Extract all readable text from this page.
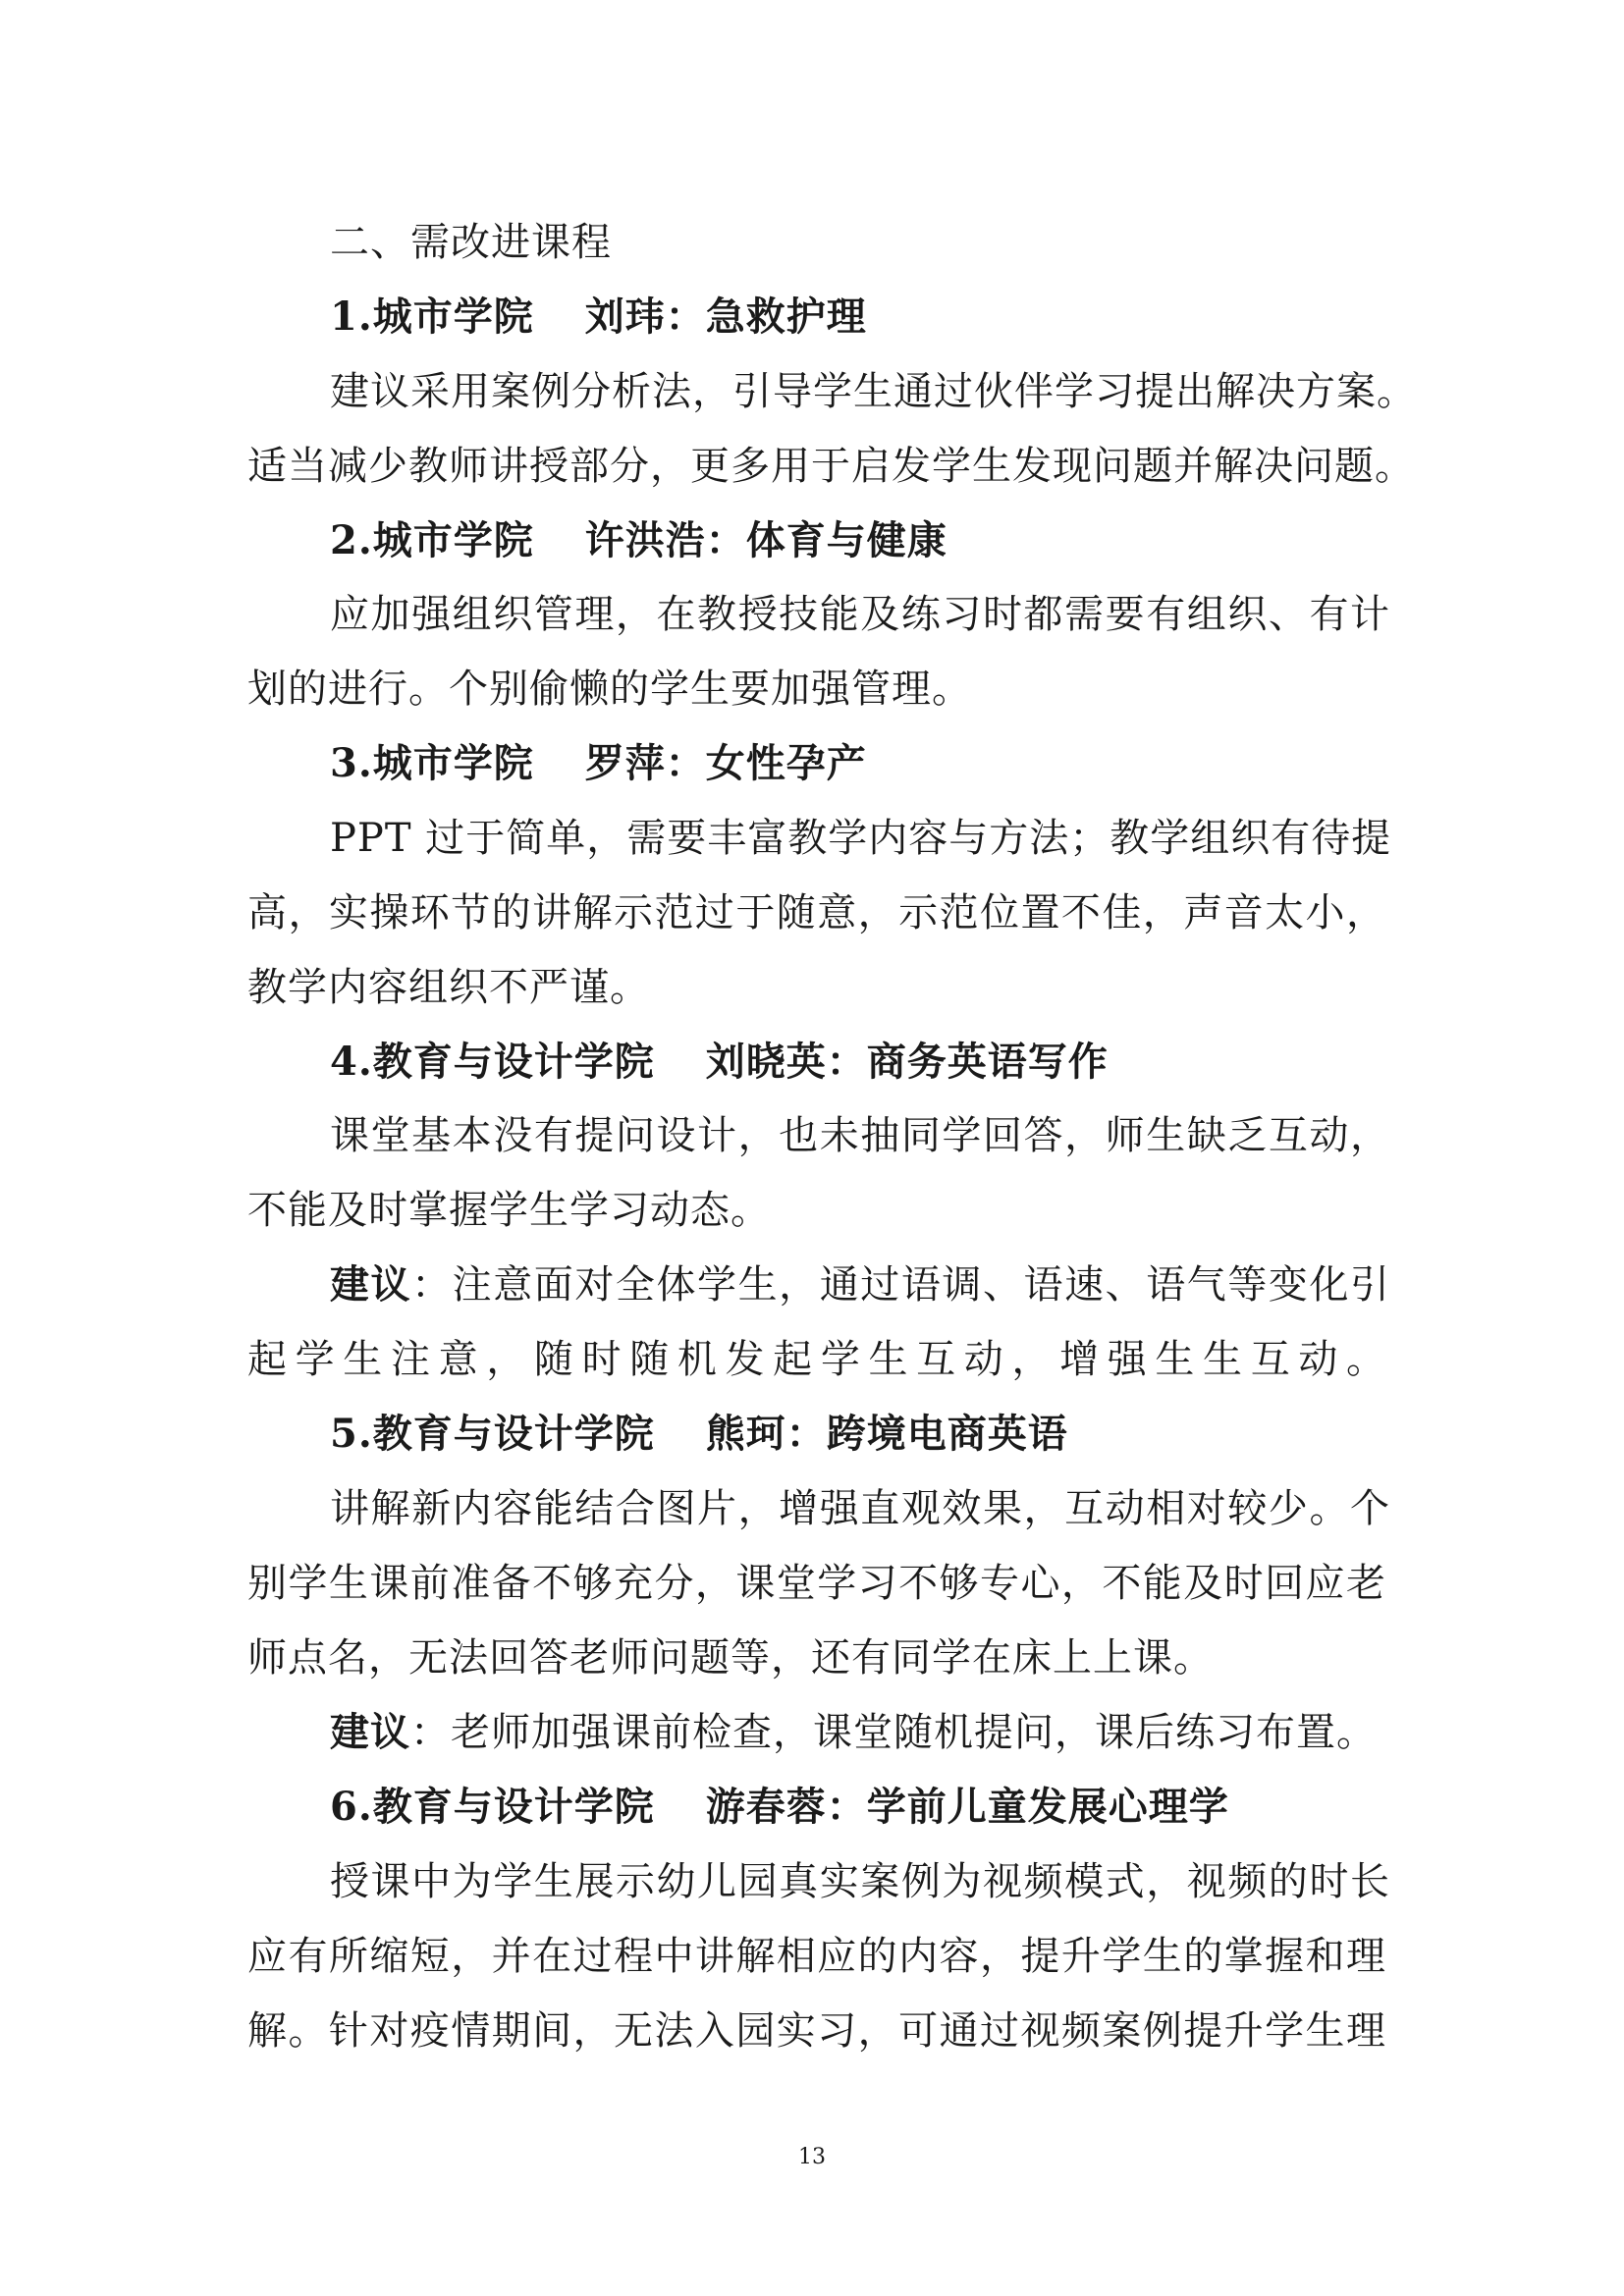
二、需改进课程
1.城市学院 刘玮：急救护理
建议采用案例分析法，引导学生通过伙伴学习提出解决方案。
适当减少教师讲授部分，更多用于启发学生发现问题并解决问题。
2.城市学院 许洪浩：体育与健康
应加强组织管理，在教授技能及练习时都需要有组织、有计
划的进行。个别偷懒的学生要加强管理。
3.城市学院 罗萍：女性孕产
PPT 过于简单，需要丰富教学内容与方法；教学组织有待提
高，实操环节的讲解示范过于随意，示范位置不佳，声音太小，
教学内容组织不严谨。
4.教育与设计学院 刘晓英：商务英语写作
课堂基本没有提问设计，也未抽同学回答，师生缺乏互动，
不能及时掌握学生学习动态。
建议：注意面对全体学生，通过语调、语速、语气等变化引
起学生注意，随时随机发起学生互动，增强生生互动。
5.教育与设计学院 熊珂：跨境电商英语
讲解新内容能结合图片，增强直观效果，互动相对较少。个
别学生课前准备不够充分，课堂学习不够专心，不能及时回应老
师点名，无法回答老师问题等，还有同学在床上上课。
建议：老师加强课前检查，课堂随机提问，课后练习布置。
6.教育与设计学院 游春蓉：学前儿童发展心理学
授课中为学生展示幼儿园真实案例为视频模式，视频的时长
应有所缩短，并在过程中讲解相应的内容，提升学生的掌握和理
解。针对疫情期间，无法入园实习，可通过视频案例提升学生理
13
